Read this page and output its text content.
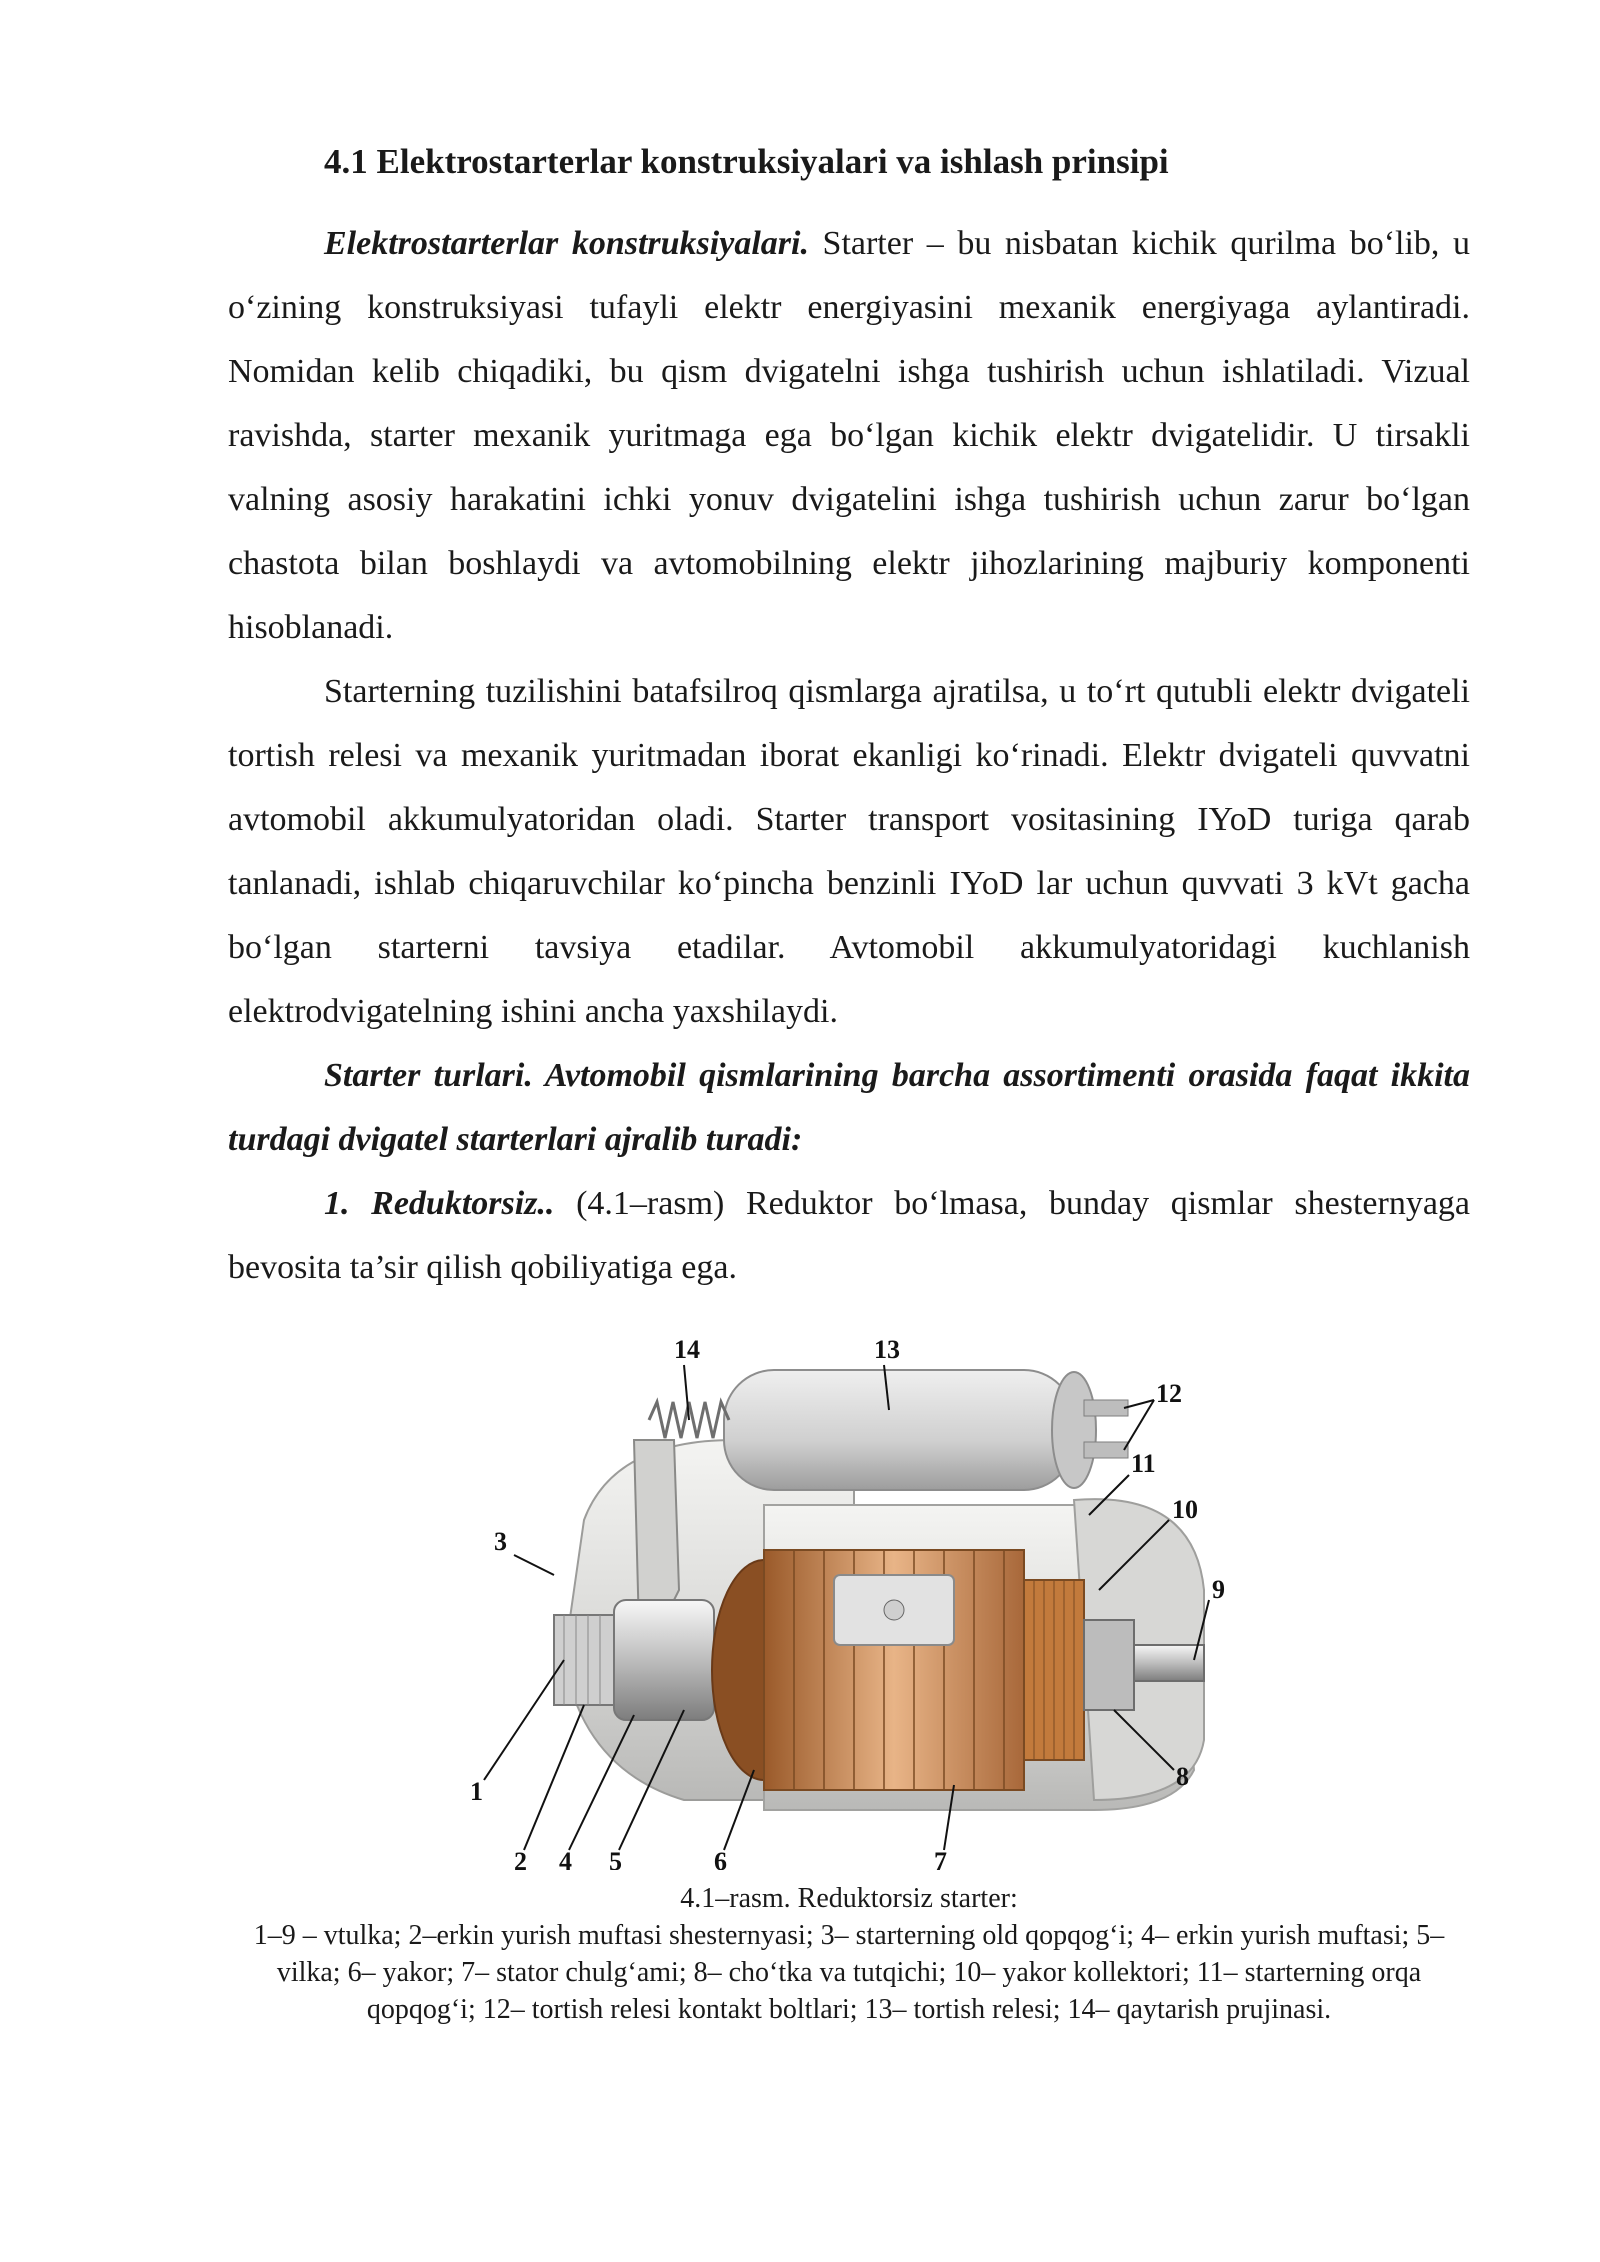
4.1 Elektrostarterlar konstruksiyalari va ishlash prinsipi

Elektrostarterlar konstruksiyalari. Starter – bu nisbatan kichik qurilma bo‘lib, u o‘zining konstruksiyasi tufayli elektr energiyasini mexanik energiyaga aylantiradi. Nomidan kelib chiqadiki, bu qism dvigatelni ishga tushirish uchun ishlatiladi. Vizual ravishda, starter mexanik yuritmaga ega bo‘lgan kichik elektr dvigatelidir. U tirsakli valning asosiy harakatini ichki yonuv dvigatelini ishga tushirish uchun zarur bo‘lgan chastota bilan boshlaydi va avtomobilning elektr jihozlarining majburiy komponenti hisoblanadi.

Starterning tuzilishini batafsilroq qismlarga ajratilsa, u to‘rt qutubli elektr dvigateli tortish relesi va mexanik yuritmadan iborat ekanligi ko‘rinadi. Elektr dvigateli quvvatni avtomobil akkumulyatoridan oladi. Starter transport vositasining IYoD turiga qarab tanlanadi, ishlab chiqaruvchilar ko‘pincha benzinli IYoD lar uchun quvvati 3 kVt gacha bo‘lgan starterni tavsiya etadilar. Avtomobil akkumulyatoridagi kuchlanish elektrodvigatelning ishini ancha yaxshilaydi.

Starter turlari. Avtomobil qismlarining barcha assortimenti orasida faqat ikkita turdagi dvigatel starterlari ajralib turadi:

1. Reduktorsiz.. (4.1–rasm) Reduktor bo‘lmasa, bunday qismlar shesternyaga bevosita ta’sir qilish qobiliyatiga ega.

14	13
12
11
10
9
3
1
2 4 5	6	7
8
4.1–rasm. Reduktorsiz starter:
1–9 – vtulka; 2–erkin yurish muftasi shesternyasi; 3– starterning old qopqog‘i; 4– erkin yurish muftasi; 5– vilka; 6– yakor; 7– stator chulg‘ami; 8– cho‘tka va tutqichi; 10– yakor kollektori; 11– starterning orqa qopqog‘i; 12– tortish relesi kontakt boltlari; 13– tortish relesi; 14– qaytarish prujinasi.
